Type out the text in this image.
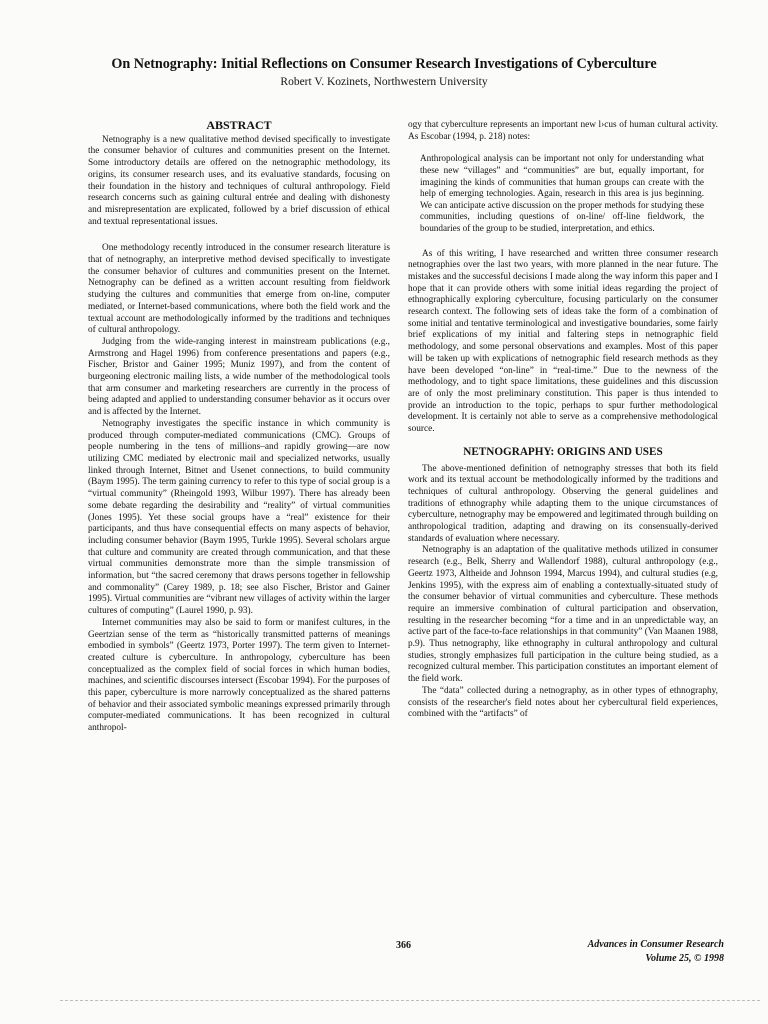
On Netnography: Initial Reflections on Consumer Research Investigations of Cyberculture
Robert V. Kozinets, Northwestern University
ABSTRACT

Netnography is a new qualitative method devised specifically to investigate the consumer behavior of cultures and communities present on the Internet. Some introductory details are offered on the netnographic methodology, its origins, its consumer research uses, and its evaluative standards, focusing on their foundation in the history and techniques of cultural anthropology. Field research concerns such as gaining cultural entrée and dealing with dishonesty and misrepresentation are explicated, followed by a brief discussion of ethical and textual representational issues.

One methodology recently introduced in the consumer research literature is that of netnography, an interpretive method devised specifically to investigate the consumer behavior of cultures and communities present on the Internet. Netnography can be defined as a written account resulting from fieldwork studying the cultures and communities that emerge from on-line, computer mediated, or Internet-based communications, where both the field work and the textual account are methodologically informed by the traditions and techniques of cultural anthropology.

Judging from the wide-ranging interest in mainstream publications (e.g., Armstrong and Hagel 1996) from conference presentations and papers (e.g., Fischer, Bristor and Gainer 1995; Muniz 1997), and from the content of burgeoning electronic mailing lists, a wide number of the methodological tools that arm consumer and marketing researchers are currently in the process of being adapted and applied to understanding consumer behavior as it occurs over and is affected by the Internet.

Netnography investigates the specific instance in which community is produced through computer-mediated communications (CMC). Groups of people numbering in the tens of millions–and rapidly growing—are now utilizing CMC mediated by electronic mail and specialized networks, usually linked through Internet, Bitnet and Usenet connections, to build community (Baym 1995). The term gaining currency to refer to this type of social group is a “virtual community” (Rheingold 1993, Wilbur 1997). There has already been some debate regarding the desirability and “reality” of virtual communities (Jones 1995). Yet these social groups have a “real” existence for their participants, and thus have consequential effects on many aspects of behavior, including consumer behavior (Baym 1995, Turkle 1995). Several scholars argue that culture and community are created through communication, and that these virtual communities demonstrate more than the simple transmission of information, but “the sacred ceremony that draws persons together in fellowship and commonality” (Carey 1989, p. 18; see also Fischer, Bristor and Gainer 1995). Virtual communities are “vibrant new villages of activity within the larger cultures of computing” (Laurel 1990, p. 93).

Internet communities may also be said to form or manifest cultures, in the Geertzian sense of the term as “historically transmitted patterns of meanings embodied in symbols” (Geertz 1973, Porter 1997). The term given to Internet-created culture is cyberculture. In anthropology, cyberculture has been conceptualized as the complex field of social forces in which human bodies, machines, and scientific discourses intersect (Escobar 1994). For the purposes of this paper, cyberculture is more narrowly conceptualized as the shared patterns of behavior and their associated symbolic meanings expressed primarily through computer-mediated communications. It has been recognized in cultural anthropol-

ogy that cyberculture represents an important new l›cus of human cultural activity. As Escobar (1994, p. 218) notes:

Anthropological analysis can be important not only for understanding what these new “villages” and “communities” are but, equally important, for imagining the kinds of communities that human groups can create with the help of emerging technologies. Again, research in this area is jus beginning. We can anticipate active discussion on the proper methods for studying these communities, including questions of on-line/ off-line fieldwork, the boundaries of the group to be studied, interpretation, and ethics.

As of this writing, I have researched and written three consumer research netnographies over the last two years, with more planned in the near future. The mistakes and the successful decisions I made along the way inform this paper and I hope that it can provide others with some initial ideas regarding the project of ethnographically exploring cyberculture, focusing particularly on the consumer research context. The following sets of ideas take the form of a combination of some initial and tentative terminological and investigative boundaries, some fairly brief explications of my initial and faltering steps in netnographic field methodology, and some personal observations and examples. Most of this paper will be taken up with explications of netnographic field research methods as they have been developed “on-line” in “real-time.” Due to the newness of the methodology, and to tight space limitations, these guidelines and this discussion are of only the most preliminary constitution. This paper is thus intended to provide an introduction to the topic, perhaps to spur further methodological development. It is certainly not able to serve as a comprehensive methodological source.

NETNOGRAPHY: ORIGINS AND USES

The above-mentioned definition of netnography stresses that both its field work and its textual account be methodologically informed by the traditions and techniques of cultural anthropology. Observing the general guidelines and traditions of ethnography while adapting them to the unique circumstances of cyberculture, netnography may be empowered and legitimated through building on anthropological tradition, adapting and drawing on its consensually-derived standards of evaluation where necessary.

Netnography is an adaptation of the qualitative methods utilized in consumer research (e.g., Belk, Sherry and Wallendorf 1988), cultural anthropology (e.g., Geertz 1973, Altheide and Johnson 1994, Marcus 1994), and cultural studies (e.g, Jenkins 1995), with the express aim of enabling a contextually-situated study of the consumer behavior of virtual communities and cyberculture. These methods require an immersive combination of cultural participation and observation, resulting in the researcher becoming “for a time and in an unpredictable way, an active part of the face-to-face relationships in that community” (Van Maanen 1988, p.9). Thus netnography, like ethnography in cultural anthropology and cultural studies, strongly emphasizes full participation in the culture being studied, as a recognized cultural member. This participation constitutes an important element of the field work.

The “data” collected during a netnography, as in other types of ethnography, consists of the researcher's field notes about her cybercultural field experiences, combined with the “artifacts” of

366	Advances in Consumer Research
Volume 25, © 1998
